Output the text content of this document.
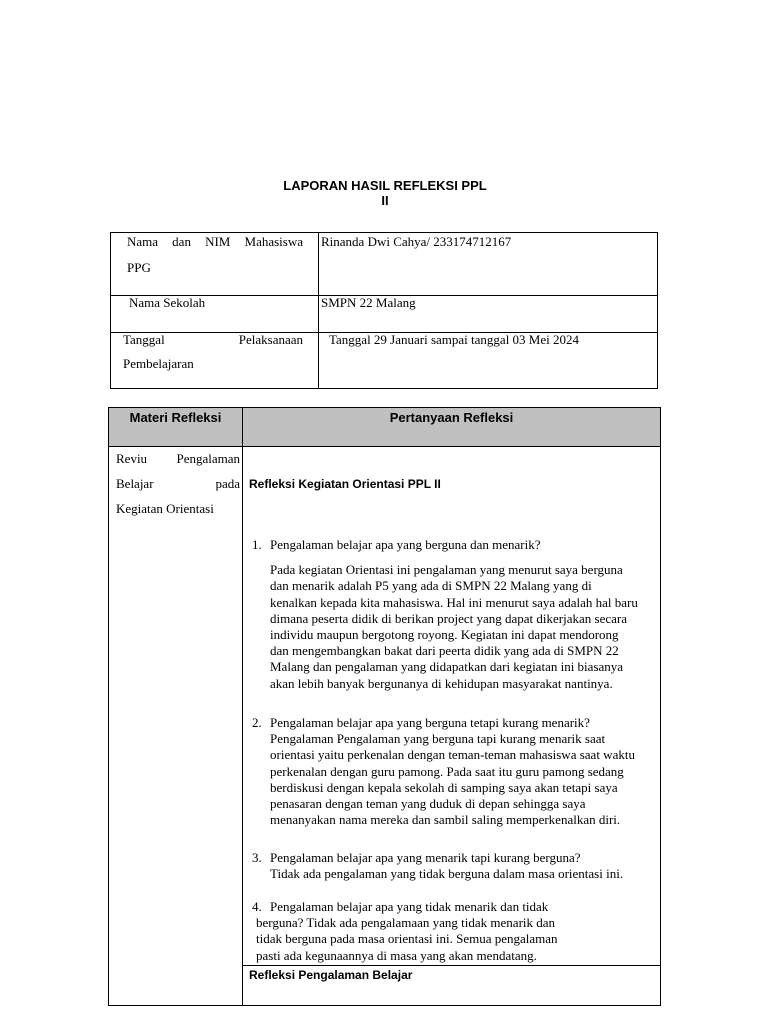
LAPORAN HASIL REFLEKSI PPL
II
Nama dan NIM Mahasiswa
PPG
Rinanda Dwi Cahya/ 233174712167
Nama Sekolah	SMPN 22 Malang
Tanggal Pelaksanaan
Pembelajaran
Tanggal 29 Januari sampai tanggal 03 Mei 2024
Materi Refleksi	Pertanyaan Refleksi
Reviu Pengalaman
Belajar pada
Kegiatan Orientasi
Refleksi Kegiatan Orientasi PPL II
1. Pengalaman belajar apa yang berguna dan menarik?
Pada kegiatan Orientasi ini pengalaman yang menurut saya berguna
dan menarik adalah P5 yang ada di SMPN 22 Malang yang di
kenalkan kepada kita mahasiswa. Hal ini menurut saya adalah hal baru
dimana peserta didik di berikan project yang dapat dikerjakan secara
individu maupun bergotong royong. Kegiatan ini dapat mendorong
dan mengembangkan bakat dari peerta didik yang ada di SMPN 22
Malang dan pengalaman yang didapatkan dari kegiatan ini biasanya
akan lebih banyak bergunanya di kehidupan masyarakat nantinya.
2. Pengalaman belajar apa yang berguna tetapi kurang menarik?
Pengalaman Pengalaman yang berguna tapi kurang menarik saat
orientasi yaitu perkenalan dengan teman-teman mahasiswa saat waktu
perkenalan dengan guru pamong. Pada saat itu guru pamong sedang
berdiskusi dengan kepala sekolah di samping saya akan tetapi saya
penasaran dengan teman yang duduk di depan sehingga saya
menanyakan nama mereka dan sambil saling memperkenalkan diri.
3. Pengalaman belajar apa yang menarik tapi kurang berguna?
Tidak ada pengalaman yang tidak berguna dalam masa orientasi ini.
4. Pengalaman belajar apa yang tidak menarik dan tidak
berguna? Tidak ada pengalamaan yang tidak menarik dan
tidak berguna pada masa orientasi ini. Semua pengalaman
pasti ada kegunaannya di masa yang akan mendatang.
Refleksi Pengalaman Belajar
